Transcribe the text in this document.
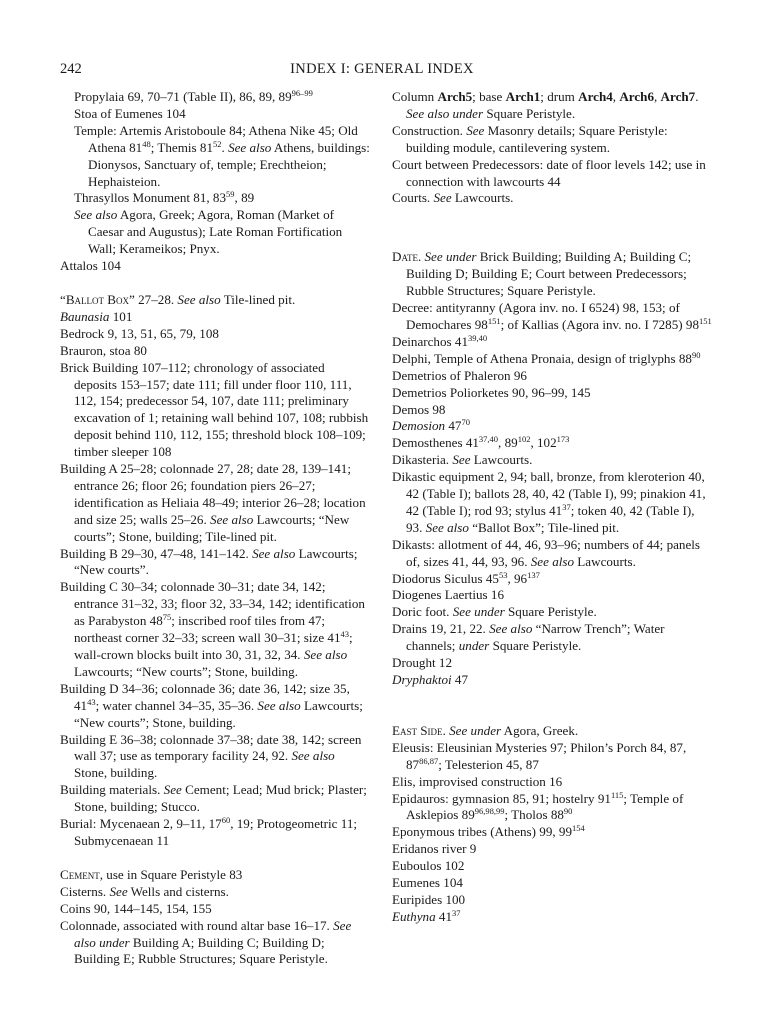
242	INDEX I: GENERAL INDEX
Propylaia 69, 70–71 (Table II), 86, 89, 89$^{96-99}$
Stoa of Eumenes 104
Temple: Artemis Aristoboule 84; Athena Nike 45; Old Athena $81^{48}$; Themis $81^{52}$. See also Athens, buildings: Dionysos, Sanctuary of, temple; Erechtheion; Hephaisteion.
Thrasyllos Monument 81, $83^{59}$, 89
See also Agora, Greek; Agora, Roman (Market of Caesar and Augustus); Late Roman Fortification Wall; Kerameikos; Pnyx.
Attalos 104
“Ballot Box” 27–28. See also Tile-lined pit.
Baunasia 101
Bedrock 9, 13, 51, 65, 79, 108
Brauron, stoa 80
Brick Building 107–112; chronology of associated deposits 153–157; date 111; fill under floor 110, 111, 112, 154; predecessor 54, 107, date 111; preliminary excavation of 1; retaining wall behind 107, 108; rubbish deposit behind 110, 112, 155; threshold block 108–109; timber sleeper 108
Building A 25–28; colonnade 27, 28; date 28, 139–141; entrance 26; floor 26; foundation piers 26–27; identification as Heliaia 48–49; interior 26–28; location and size 25; walls 25–26. See also Lawcourts; “New courts”; Stone, building; Tile-lined pit.
Building B 29–30, 47–48, 141–142. See also Lawcourts; “New courts”.
Building C 30–34; colonnade 30–31; date 34, 142; entrance 31–32, 33; floor 32, 33–34, 142; identification as Parabyston $48^{75}$; inscribed roof tiles from 47; northeast corner 32–33; screen wall 30–31; size $41^{43}$; wall-crown blocks built into 30, 31, 32, 34. See also Lawcourts; “New courts”; Stone, building.
Building D 34–36; colonnade 36; date 36, 142; size 35, $41^{43}$; water channel 34–35, 35–36. See also Lawcourts; “New courts”; Stone, building.
Building E 36–38; colonnade 37–38; date 38, 142; screen wall 37; use as temporary facility 24, 92. See also Stone, building.
Building materials. See Cement; Lead; Mud brick; Plaster; Stone, building; Stucco.
Burial: Mycenaean 2, 9–11, $17^{60}$, 19; Protogeometric 11; Submycenaean 11
Cement, use in Square Peristyle 83
Cisterns. See Wells and cisterns.
Coins 90, 144–145, 154, 155
Colonnade, associated with round altar base 16–17. See also under Building A; Building C; Building D; Building E; Rubble Structures; Square Peristyle.
Column Arch5; base Arch1; drum Arch4, Arch6, Arch7. See also under Square Peristyle.
Construction. See Masonry details; Square Peristyle: building module, cantilevering system.
Court between Predecessors: date of floor levels 142; use in connection with lawcourts 44
Courts. See Lawcourts.
Date. See under Brick Building; Building A; Building C; Building D; Building E; Court between Predecessors; Rubble Structures; Square Peristyle.
Decree: antityranny (Agora inv. no. I 6524) 98, 153; of Demochares $98^{151}$; of Kallias (Agora inv. no. I 7285) $98^{151}$
Deinarchos 41$^{39,40}$
Delphi, Temple of Athena Pronaia, design of triglyphs $88^{90}$
Demetrios of Phaleron 96
Demetrios Poliorketes 90, 96–99, 145
Demos 98
Demosion $47^{70}$
Demosthenes 41$^{37,40}$, $89^{102}$, $102^{173}$
Dikasteria. See Lawcourts.
Dikastic equipment 2, 94; ball, bronze, from kleroterion 40, 42 (Table I); ballots 28, 40, 42 (Table I), 99; pinakion 41, 42 (Table I); rod 93; stylus $41^{37}$; token 40, 42 (Table I), 93. See also “Ballot Box”; Tile-lined pit.
Dikasts: allotment of 44, 46, 93–96; numbers of 44; panels of, sizes 41, 44, 93, 96. See also Lawcourts.
Diodorus Siculus $45^{53}$, $96^{137}$
Diogenes Laertius 16
Doric foot. See under Square Peristyle.
Drains 19, 21, 22. See also “Narrow Trench”; Water channels; under Square Peristyle.
Drought 12
Dryphaktoi 47
East Side. See under Agora, Greek.
Eleusis: Eleusinian Mysteries 97; Philon’s Porch 84, 87, 87$^{86,87}$; Telesterion 45, 87
Elis, improvised construction 16
Epidauros: gymnasion 85, 91; hostelry $91^{115}$; Temple of Asklepios 89$^{96,98,99}$; Tholos $88^{90}$
Eponymous tribes (Athens) 99, $99^{154}$
Eridanos river 9
Euboulos 102
Eumenes 104
Euripides 100
Euthyna $41^{37}$
